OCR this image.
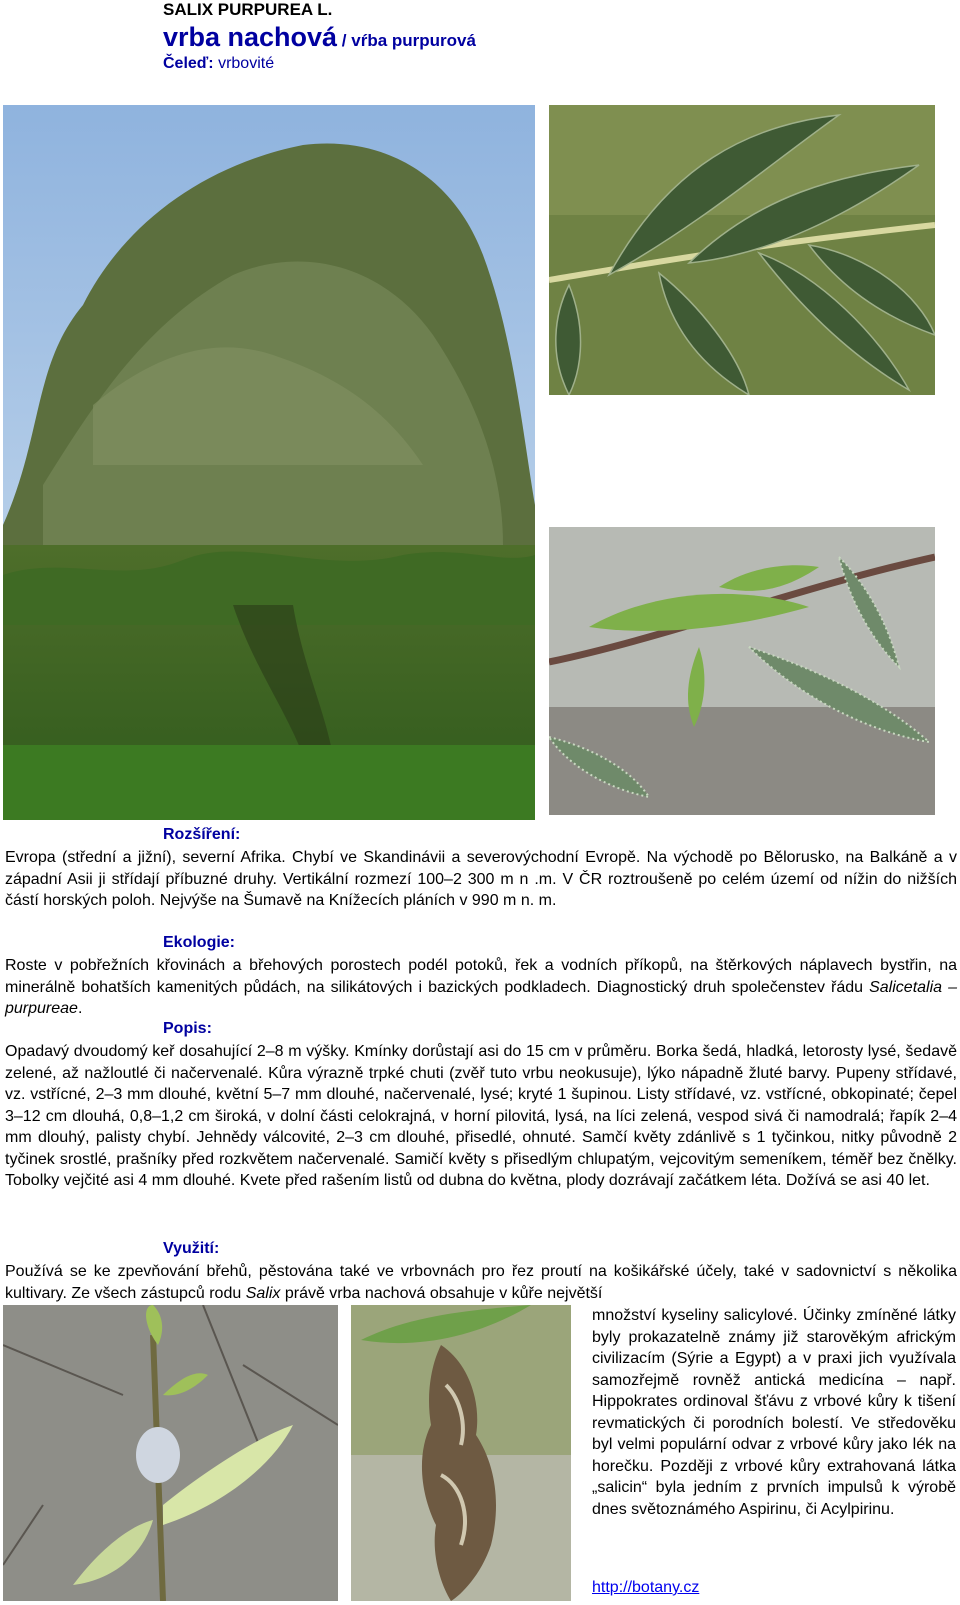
SALIX PURPUREA L.
vrba nachová / vŕba purpurová
Čeleď: vrbovité
Rozšíření:
Evropa (střední a jižní), severní Afrika. Chybí ve Skandinávii a severovýchodní Evropě. Na východě po Bělorusko, na Balkáně a v západní Asii ji střídají příbuzné druhy. Vertikální rozmezí 100–2 300 m n .m. V ČR roztroušeně po celém území od nížin do nižších částí horských poloh. Nejvýše na Šumavě na Knížecích pláních v 990 m n. m.
Ekologie:
Roste v pobřežních křovinách a břehových porostech podél potoků, řek a vodních příkopů, na štěrkových náplavech bystřin, na minerálně bohatších kamenitých půdách, na silikátových i bazických podkladech. Diagnostický druh společenstev řádu Salicetalia –purpureae.
Popis:
Opadavý dvoudomý keř dosahující 2–8 m výšky. Kmínky dorůstají asi do 15 cm v průměru. Borka šedá, hladká, letorosty lysé, šedavě zelené, až nažloutlé či načervenalé. Kůra výrazně trpké chuti (zvěř tuto vrbu neokusuje), lýko nápadně žluté barvy. Pupeny střídavé, vz. vstřícné, 2–3 mm dlouhé, květní 5–7 mm dlouhé, načervenalé, lysé; kryté 1 šupinou. Listy střídavé, vz. vstřícné, obkopinaté; čepel 3–12 cm dlouhá, 0,8–1,2 cm široká, v dolní části celokrajná, v horní pilovitá, lysá, na líci zelená, vespod sivá či namodralá; řapík 2–4 mm dlouhý, palisty chybí. Jehnědy válcovité, 2–3 cm dlouhé, přisedlé, ohnuté. Samčí květy zdánlivě s 1 tyčinkou, nitky původně 2 tyčinek srostlé, prašníky před rozkvětem načervenalé. Samičí květy s přisedlým chlupatým, vejcovitým semeníkem, téměř bez čnělky. Tobolky vejčité asi 4 mm dlouhé. Kvete před rašením listů od dubna do května, plody dozrávají začátkem léta. Dožívá se asi 40 let.
Využití:
Používá se ke zpevňování břehů, pěstována také ve vrbovnách pro řez proutí na košikářské účely, také v sadovnictví s několika kultivary. Ze všech zástupců rodu Salix právě vrba nachová obsahuje v kůře největší
množství kyseliny salicylové. Účinky zmíněné látky byly prokazatelně známy již starověkým africkým civilizacím (Sýrie a Egypt) a v praxi jich využívala samozřejmě rovněž antická medicína – např. Hippokrates ordinoval šťávu z vrbové kůry k tišení revmatických či porodních bolestí. Ve středověku byl velmi populární odvar z vrbové kůry jako lék na horečku. Později z vrbové kůry extrahovaná látka „salicin“ byla jedním z prvních impulsů k výrobě dnes světoznámého Aspirinu, či Acylpirinu.
http://botany.cz
